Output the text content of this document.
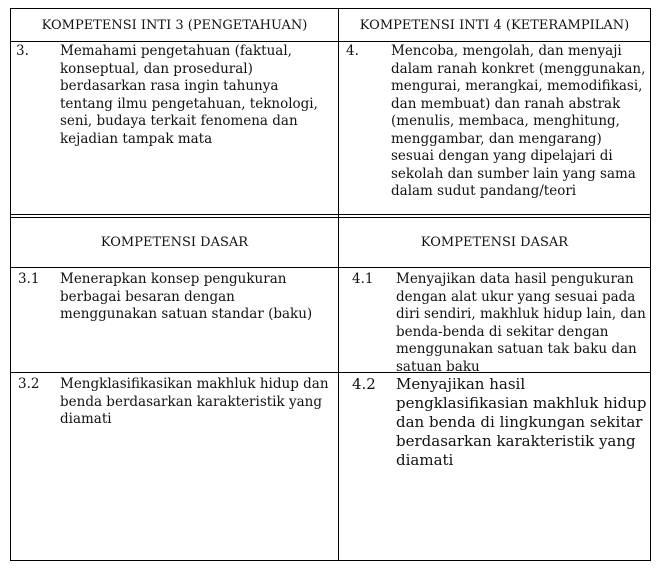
KOMPETENSI INTI 3 (PENGETAHUAN)	KOMPETENSI INTI 4 (KETERAMPILAN)
3. Memahami pengetahuan (faktual, konseptual, dan prosedural) berdasarkan rasa ingin tahunya tentang ilmu pengetahuan, teknologi, seni, budaya terkait fenomena dan kejadian tampak mata
4. Mencoba, mengolah, dan menyaji dalam ranah konkret (menggunakan, mengurai, merangkai, memodifikasi, dan membuat) dan ranah abstrak (menulis, membaca, menghitung, menggambar, dan mengarang) sesuai dengan yang dipelajari di sekolah dan sumber lain yang sama dalam sudut pandang/teori
KOMPETENSI DASAR	KOMPETENSI DASAR
3.1 Menerapkan konsep pengukuran berbagai besaran dengan menggunakan satuan standar (baku)
4.1 Menyajikan data hasil pengukuran dengan alat ukur yang sesuai pada diri sendiri, makhluk hidup lain, dan benda-benda di sekitar dengan menggunakan satuan tak baku dan satuan baku
3.2 Mengklasifikasikan makhluk hidup dan benda berdasarkan karakteristik yang diamati
4.2 Menyajikan hasil pengklasifikasian makhluk hidup dan benda di lingkungan sekitar berdasarkan karakteristik yang diamati
